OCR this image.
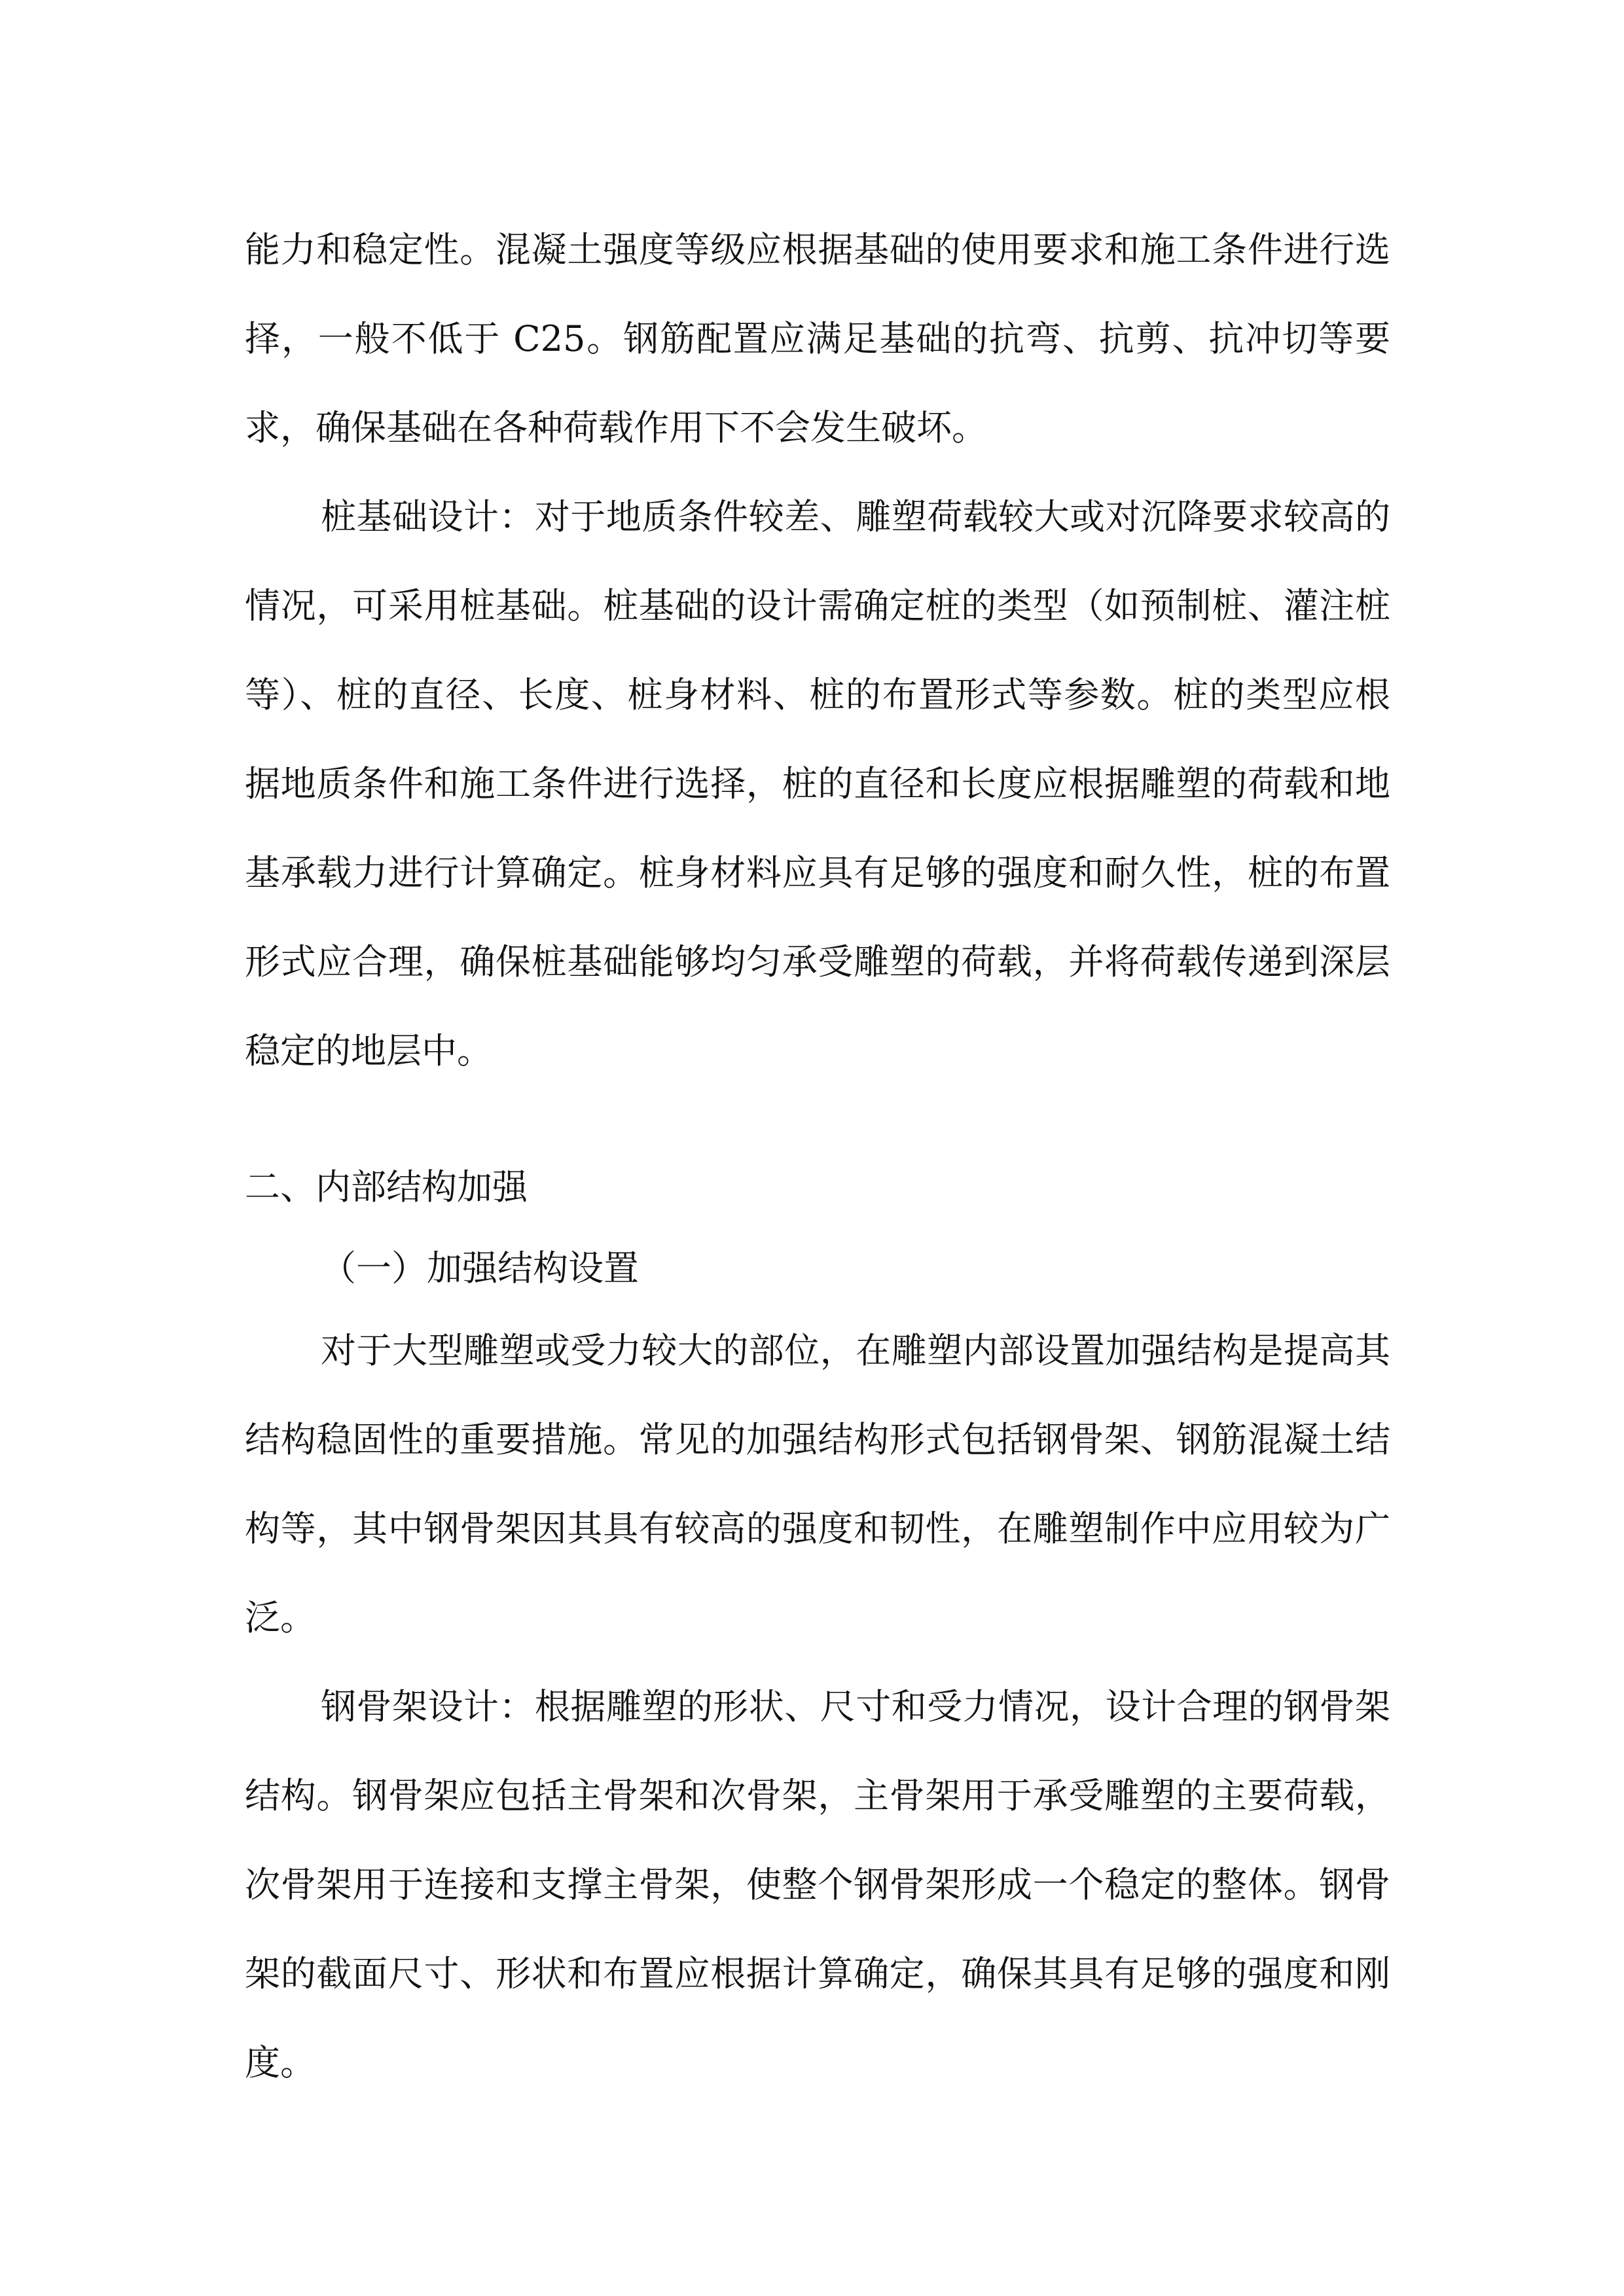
能力和稳定性。混凝土强度等级应根据基础的使用要求和施工条件进行选择，一般不低于 C25。钢筋配置应满足基础的抗弯、抗剪、抗冲切等要求，确保基础在各种荷载作用下不会发生破坏。

桩基础设计：对于地质条件较差、雕塑荷载较大或对沉降要求较高的情况，可采用桩基础。桩基础的设计需确定桩的类型（如预制桩、灌注桩等）、桩的直径、长度、桩身材料、桩的布置形式等参数。桩的类型应根据地质条件和施工条件进行选择，桩的直径和长度应根据雕塑的荷载和地基承载力进行计算确定。桩身材料应具有足够的强度和耐久性，桩的布置形式应合理，确保桩基础能够均匀承受雕塑的荷载，并将荷载传递到深层稳定的地层中。

二、内部结构加强
（一）加强结构设置

对于大型雕塑或受力较大的部位，在雕塑内部设置加强结构是提高其结构稳固性的重要措施。常见的加强结构形式包括钢骨架、钢筋混凝土结构等，其中钢骨架因其具有较高的强度和韧性，在雕塑制作中应用较为广泛。

钢骨架设计：根据雕塑的形状、尺寸和受力情况，设计合理的钢骨架结构。钢骨架应包括主骨架和次骨架，主骨架用于承受雕塑的主要荷载，次骨架用于连接和支撑主骨架，使整个钢骨架形成一个稳定的整体。钢骨架的截面尺寸、形状和布置应根据计算确定，确保其具有足够的强度和刚度。
